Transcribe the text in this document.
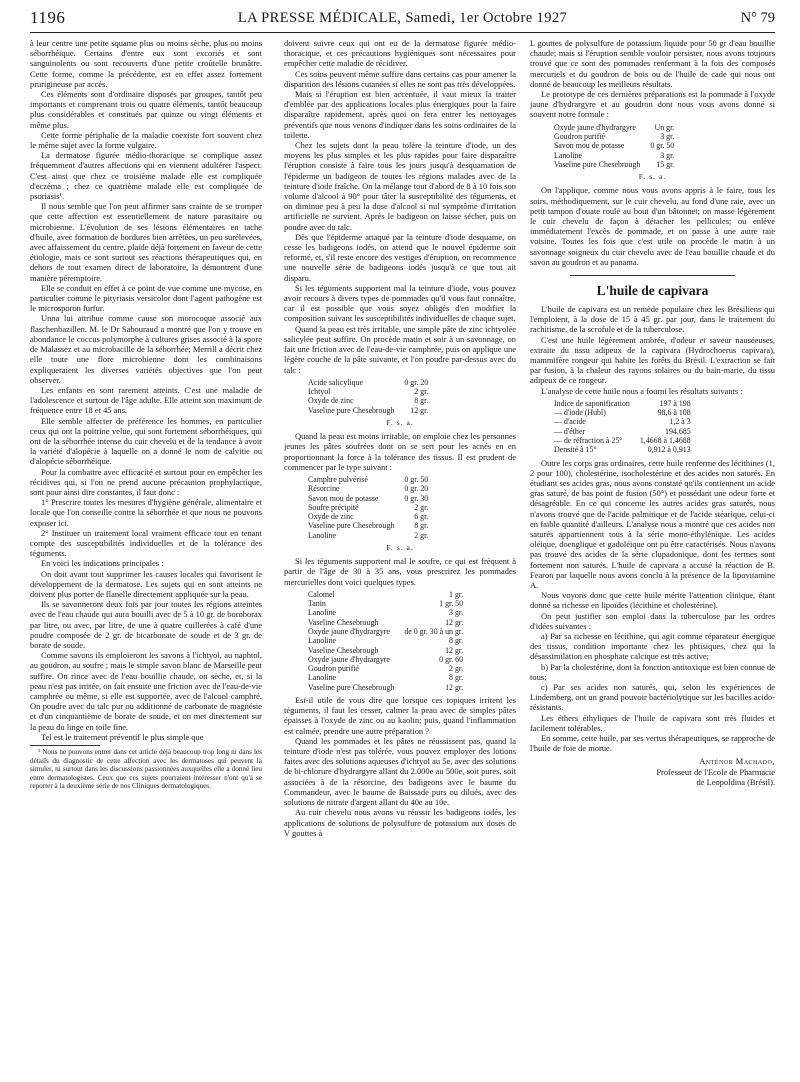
1196	LA PRESSE MÉDICALE, Samedi, 1er Octobre 1927	N° 79

à leur centre une petite squame plus ou moins sèche, plus ou moins séborrhéique. Certains d'entre eux sont excoriés et sont sanguinolents ou sont recouverts d'une petite croûtelle brunâtre. Cette forme, comme la précédente, est en effet assez fortement prurigineuse par accès.

Ces éléments sont d'ordinaire disposés par groupes, tantôt peu importants et comprenant trois ou quatre éléments, tantôt beaucoup plus considérables et constitués par quinze ou vingt éléments et même plus.

Cette forme périphalie de la maladie coexiste fort souvent chez le même sujet avec la forme vulgaire.

La dermatose figurée médio-thoracique se complique assez fréquemment d'autres affections qui en viennent adultérer l'aspect. C'est ainsi que chez ce troisième malade elle est compliquée d'eczéma ; chez ce quatrième malade elle est compliquée de psoriasis¹.

Il nous semble que l'on peut affirmer sans crainte de se tromper que cette affection est essentiellement de nature parasitaire ou microbienne. L'évolution de ses lésions élémentaires en tache d'huile, avec formation de bordures bien arrêtées, un peu surélevées, avec affaissement du centre, plaide déjà fortement en faveur de cette étiologie, mais ce sont surtout ses réactions thérapeutiques qui, en dehors de tout examen direct de laboratoire, la démontrent d'une manière péremptoire.

Elle se conduit en effet à ce point de vue comme une mycose, en particulier comme le pityriasis versicolor dont l'agent pathogène est le microsporon furfur.

Unna lui attribue comme cause son morocoque associé aux flaschenbazillen. M. le Dr Sabouraud a montré que l'on y trouve en abondance le coccus polymorphe à cultures grises associé à la spore de Malassez et au microbacille de la séborrhée; Merrill a décrit chez elle toute une flore microbienne dont les combinaisons expliqueraient les diverses variétés objectives que l'on peut observer.

Les enfants en sont rarement atteints. C'est une maladie de l'adolescence et surtout de l'âge adulte. Elle atteint son maximum de fréquence entre 18 et 45 ans.

Elle semble affecter de préférence les hommes, en particulier ceux qui ont la poitrine velue, qui sont fortement séborrhéiques, qui ont de la séborrhée intense du cuir chevelu et de la tendance à avoir la variété d'alopécie à laquelle on a donné le nom de calvitie ou d'alopécie séborrhéique.

Pour la combattre avec efficacité et surtout pour en empêcher les récidives qui, si l'on ne prend aucune précaution prophylactique, sont pour ainsi dire constantes, il faut donc :

1° Prescrire toutes les mesures d'hygiène générale, alimentaire et locale que l'on conseille contre la séborrhée et que nous ne pouvons exposer ici.

2° Instituer un traitement local vraiment efficace tout en tenant compte des susceptibilités individuelles et de la tolérance des téguments.

En voici les indications principales :

On doit avant tout supprimer les causes locales qui favorisent le développement de la dermatose. Les sujets qui en sont atteints ne doivent plus porter de flanelle directement appliquée sur la peau.

Ils se savonneront deux fois par jour toutes les régions atteintes avec de l'eau chaude qui aura bouilli avec de 5 à 10 gr. de boroborax par litre, ou avec, par litre, de une à quatre cuillerées à café d'une poudre composée de 2 gr. de bicarbonate de soude et de 3 gr. de borate de soude.

Comme savons ils emploieront les savons à l'ichtyol, au naphtol, au goudron, au soufre ; mais le simple savon blanc de Marseille peut suffire. On rince avec de l'eau bouillie chaude, on sèche, et, si la peau n'est pas irritée, on fait ensuite une friction avec de l'eau-de-vie camphrée ou même, si elle est supportée, avec de l'alcool camphré. On poudre avec du talc pur ou additionné de carbonate de magnésie et d'un cinquantième de borate de soude, et on met directement sur la peau du linge en toile fine.

Tel est le traitement préventif le plus simple que

¹ Nous ne pouvons entrer dans cet article déjà beaucoup trop long ni dans les détails du diagnostic de cette affection avec les dermatoses qui peuvent la simuler, ni surtout dans les discussions passionnées auxquelles elle a donné lieu entre dermatologistes. Ceux que ces sujets pourraient intéresser n'ont qu'à se reporter à la deuxième série de nos Cliniques dermatologiques.

doivent suivre ceux qui ont eu de la dermatose figurée médio-thoracique, et ces précautions hygiéniques sont nécessaires pour empêcher cette maladie de récidiver.

Ces soins peuvent même suffire dans certains cas pour amener la disparition des lésions cutanées si elles ne sont pas très développées.

Mais si l'éruption est bien accentuée, il vaut mieux la traiter d'emblée par des applications locales plus énergiques pour la faire disparaître rapidement, après quoi on fera entrer les nettoyages préventifs que nous venons d'indiquer dans les soins ordinaires de la toilette.

Chez les sujets dont la peau tolère la teinture d'iode, un des moyens les plus simples et les plus rapides pour faire disparaître l'éruption consiste à faire tous les jours jusqu'à desquamation de l'épiderme un badigeon de toutes les régions malades avec de la teinture d'iode fraîche. On la mélange tout d'abord de 8 à 10 fois son volume d'alcool à 90° pour tâter la susceptibilité des téguments, et on diminue peu à peu la dose d'alcool si nul symptôme d'irritation artificielle ne survient. Après le badigeon on laisse sécher, puis on poudre avec du talc.

Dès que l'épiderme attaqué par la teinture d'iode desquame, on cesse les badigeons iodés, on attend que le nouvel épiderme soit reformé, et, s'il reste encore des vestiges d'éruption, on recommence une nouvelle série de badigeons iodés jusqu'à ce que tout ait disparu.

Si les téguments supportent mal la teinture d'iode, vous pouvez avoir recours à divers types de pommades qu'il vous faut connaître, car il est possible que vous soyez obligés d'en modifier la composition suivant les susceptibilités individuelles de chaque sujet.

Quand la peau est très irritable, une simple pâte de zinc ichtyolée salicylée peut suffire. On procède matin et soir à un savonnage, on fait une friction avec de l'eau-de-vie camphrée, puis on applique une légère couche de la pâte suivante, et l'on poudre par-dessus avec du talc :

Acide salicylique	0 gr. 20
Ichtyol	2 gr.
Oxyde de zinc	8 gr.
Vaseline pure Chesebrough	12 gr.
F. s. a.

Quand la peau est moins irritable, on emploie chez les personnes jeunes les pâtes soufrées dont on se sert pour les acnés en en proportionnant la force à la tolérance des tissus. Il est prudent de commencer par le type suivant :

Camphre pulvérisé	0 gr. 50
Résorcine	0 gr. 20
Savon mou de potasse	0 gr. 30
Soufre précipité	2 gr.
Oxyde de zinc	6 gr.
Vaseline pure Chesebrough	8 gr.
Lanoline	2 gr.
F. s. a.

Si les téguments supportent mal le soufre, ce qui est fréquent à partir de l'âge de 30 à 35 ans, vous prescrirez les pommades mercurielles dont voici quelques types.

Calomel	1 gr.
Tanin	1 gr. 50
Lanoline	3 gr.
Vaseline Chesebrough	12 gr.
Oxyde jaune d'hydrargyre	de 0 gr. 30 à un gr.
Lanoline	8 gr.
Vaseline Chesebrough	12 gr.
Oxyde jaune d'hydrargyre	0 gr. 60
Goudron purifié	2 gr.
Lanoline	8 gr.
Vaseline pure Chesebrough	12 gr.

Est-il utile de vous dire que lorsque ces topiques irritent les téguments, il faut les cesser, calmer la peau avec de simples pâtes épaisses à l'oxyde de zinc ou au kaolin; puis, quand l'inflammation est calmée, prendre une autre préparation ?

Quand les pommades et les pâtes ne réussissent pas, quand la teinture d'iode n'est pas tolérée, vous pouvez employer des lotions faites avec des solutions aqueuses d'ichtyol au 5e, avec des solutions de bi-chlorure d'hydrargyre allant du 2.000e au 500e, soit pures, soit associées à de la résorcine, des badigeons avec le baume du Commandeur, avec le baume de Baissade purs ou dilués, avec des solutions de nitrate d'argent allant du 40e au 10e.

Au cuir chevelu nous avons vu réussir les badigeons iodés, les applications de solutions de polysulfure de potassium aux doses de V gouttes à

L gouttes de polysulfure de potassium liquide pour 50 gr d'eau bouillie chaude; mais si l'éruption semble vouloir persister, nous avons toujours trouvé que ce sont des pommades renfermant à la fois des composés mercuriels et du goudron de bois ou de l'huile de cade qui nous ont donné de beaucoup les meilleurs résultats.

Le prototype de ces dernières préparations est la pommade à l'oxyde jaune d'hydrargyre et au goudron dont nous vous avons donné si souvent notre formule :

Oxyde jaune d'hydrargyre	Un gr.
Goudron purifié	3 gr.
Savon mou de potasse	0 gr. 50
Lanoline	3 gr.
Vaseline pure Chesebrough	15 gr.
F. s. a.

On l'applique, comme nous vous avons appris à le faire, tous les soirs, méthodiquement, sur le cuir chevelu, au fond d'une raie, avec un petit tampon d'ouate roulé au bout d'un bâtonnet; on masse légèrement le cuir chevelu de façon à détacher les pellicules; ou enlève immédiatement l'excès de pommade, et on passe à une autre raie voisine. Toutes les fois que c'est utile on procède le matin à un savonnage soigneux du cuir chevelu avec de l'eau bouillie chaude et du savon au goudron et au panama.

L'huile de capivara

L'huile de capivara est un remède populaire chez les Brésiliens qui l'emploient, à la dose de 15 à 45 gr. par jour, dans le traitement du rachitisme, de la scrofule et de la tuberculose.

C'est une huile légèrement ambrée, d'odeur et saveur nauséeuses, extraite du tissu adipeux de la capivara (Hydrochoerus capivara), mammifère rongeur qui habite les forêts du Brésil. L'extraction se fait par fusion, à la chaleur des rayons solaires ou du bain-marie, du tissu adipeux de ce rongeur.

L'analyse de cette huile nous a fourni les résultats suivants :

Indice de saponification	197 à 198
— d'iode (Hubl)	98,6 à 108
— d'acide	1,2 à 3
— d'éther	194,685
— de réfraction à 25°	1,4668 à 1,4688
Densité à 15°	0,912 à 0,913

Outre les corps gras ordinaires, cette huile renferme des lécithines (1, 2 pour 100), cholestérine, isocholestérine et des acides non saturés. En étudiant ses acides gras, nous avons constaté qu'ils contiennent un acide gras saturé, de bas point de fusion (50°) et possédant une odeur forte et désagréable. En ce qui concerne les autres acides gras saturés, nous n'avons trouvé que de l'acide palmitique et de l'acide stéarique, celui-ci en faible quantité d'ailleurs. L'analyse nous a montré que ces acides non saturés appartiennent tous à la série mono-éthylénique. Les acides oléique, doenglique et gadoléique ont pu être caractérisés. Nous n'avons pas trouvé des acides de la série clupadonique, dont les termes sont fortement non saturés. L'huile de capivara a accusé la réaction de B. Fearon par laquelle nous avons conclu à la présence de la lipovitamine A.

Nous voyons donc que cette huile mérite l'attention clinique, étant donné sa richesse en lipoïdes (lécithine et cholestérine).

On peut justifier son emploi dans la tuberculose par les ordres d'idées suivantes :

a) Par sa richesse en lécithine, qui agit comme réparateur énergique des tissus, condition importante chez les phtisiques, chez qui la désassimilation en phosphate calcique est très active;

b) Par la cholestérine, dont la fonction antitoxique est bien connue de tous;

c) Par ses acides non saturés, qui, selon les expériences de Lindemberg, ont un grand pouvoir bactériolytique sur les bacilles acido-résistants.

Les éthers éthyliques de l'huile de capivara sont très fluides et facilement tolérables.

En somme, cette huile, par ses vertus thérapeutiques, se rapproche de l'huile de foie de morue.

Anténor Machado,
Professeur de l'Ecole de Pharmacie
de Leopoldina (Brésil).
